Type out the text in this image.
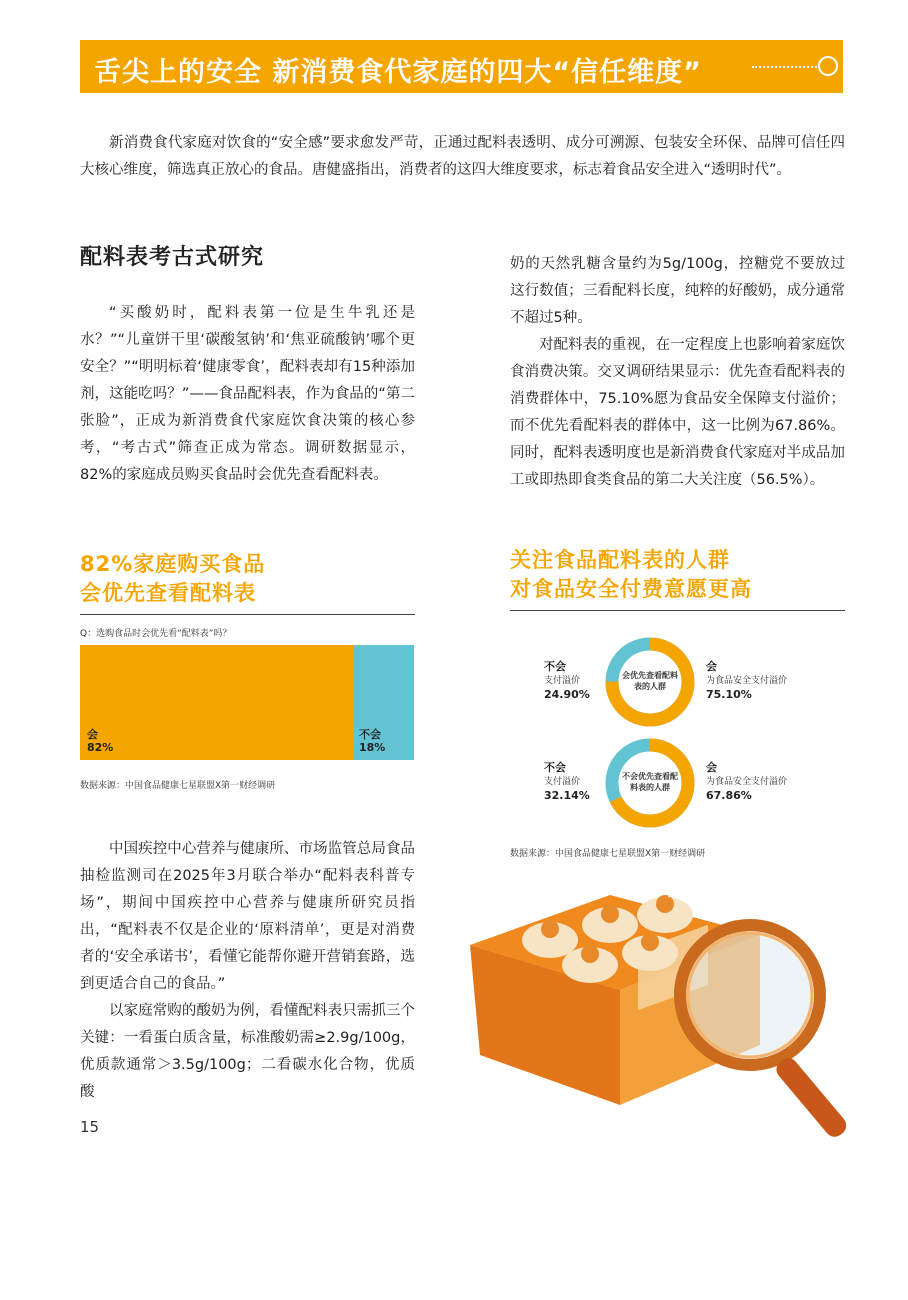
舌尖上的安全 新消费食代家庭的四大“信任维度”

新消费食代家庭对饮食的“安全感”要求愈发严苛，正通过配料表透明、成分可溯源、包装安全环保、品牌可信任四大核心维度，筛选真正放心的食品。唐健盛指出，消费者的这四大维度要求，标志着食品安全进入“透明时代”。

配料表考古式研究

“买酸奶时，配料表第一位是生牛乳还是水？”“儿童饼干里‘碳酸氢钠’和‘焦亚硫酸钠’哪个更安全？”“明明标着‘健康零食’，配料表却有15种添加剂，这能吃吗？”——食品配料表，作为食品的“第二张脸”，正成为新消费食代家庭饮食决策的核心参考，“考古式”筛查正成为常态。调研数据显示，82%的家庭成员购买食品时会优先查看配料表。

82%家庭购买食品
会优先查看配料表
Q：选购食品时会优先看“配料表”吗？
会
82%
不会
18%
数据来源：中国食品健康七星联盟X第一财经调研

中国疾控中心营养与健康所、市场监管总局食品抽检监测司在2025年3月联合举办“配料表科普专场”，期间中国疾控中心营养与健康所研究员指出，“配料表不仅是企业的‘原料清单’，更是对消费者的‘安全承诺书’，看懂它能帮你避开营销套路，选到更适合自己的食品。”

以家庭常购的酸奶为例，看懂配料表只需抓三个关键：一看蛋白质含量，标准酸奶需≥2.9g/100g，优质款通常＞3.5g/100g；二看碳水化合物，优质酸

奶的天然乳糖含量约为5g/100g，控糖党不要放过这行数值；三看配料长度，纯粹的好酸奶，成分通常不超过5种。

对配料表的重视，在一定程度上也影响着家庭饮食消费决策。交叉调研结果显示：优先查看配料表的消费群体中，75.10%愿为食品安全保障支付溢价；而不优先看配料表的群体中，这一比例为67.86%。同时，配料表透明度也是新消费食代家庭对半成品加工或即热即食类食品的第二大关注度（56.5%）。

关注食品配料表的人群
对食品安全付费意愿更高
不会
支付溢价
24.90%
会优先查看配料表的人群
会
为食品安全支付溢价
75.10%
不会
支付溢价
32.14%
不会优先查看配料表的人群
会
为食品安全支付溢价
67.86%
数据来源：中国食品健康七星联盟X第一财经调研
烧麦
15
